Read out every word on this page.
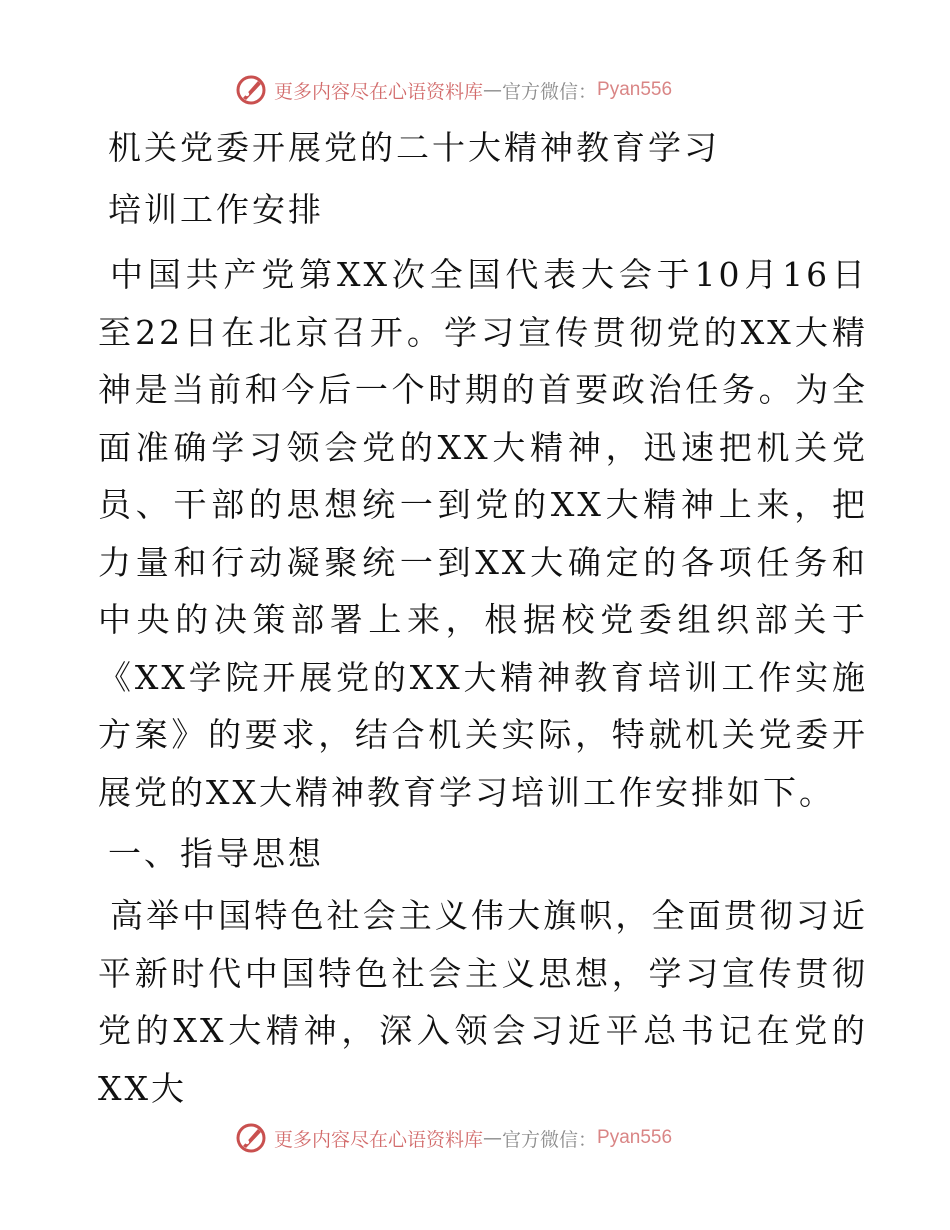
更多内容尽在心语资料库 — 官方微信： Pyan556

机关党委开展党的二十大精神教育学习

培训工作安排

中国共产党第XX次全国代表大会于10月16日至22日在北京召开。学习宣传贯彻党的XX大精神是当前和今后一个时期的首要政治任务。为全面准确学习领会党的XX大精神，迅速把机关党员、干部的思想统一到党的XX大精神上来，把力量和行动凝聚统一到XX大确定的各项任务和中央的决策部署上来，根据校党委组织部关于《XX学院开展党的XX大精神教育培训工作实施方案》的要求，结合机关实际，特就机关党委开展党的XX大精神教育学习培训工作安排如下。

一、指导思想

高举中国特色社会主义伟大旗帜，全面贯彻习近平新时代中国特色社会主义思想，学习宣传贯彻党的XX大精神，深入领会习近平总书记在党的XX大

更多内容尽在心语资料库 — 官方微信： Pyan556
